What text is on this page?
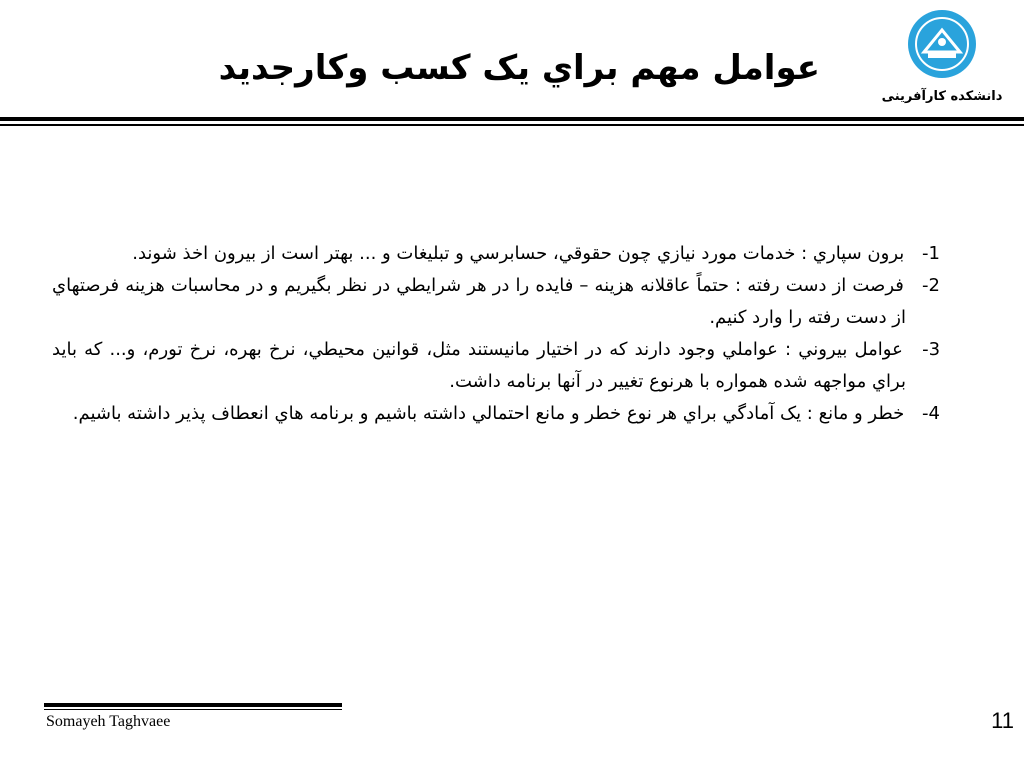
عوامل مهم براي يک کسب وکارجديد
دانشکده کارآفرینی
1- برون سپاري : خدمات مورد نيازي چون حقوقي، حسابرسي و تبليغات و ... بهتر است از بيرون اخذ شوند.
2- فرصت از دست رفته : حتماً عاقلانه هزينه – فايده را در هر شرايطي در نظر بگيريم و در محاسبات هزينه فرصتهاي از دست رفته را وارد کنيم.
3- عوامل بيروني : عواملي وجود دارند که در اختيار مانيستند مثل، قوانين محيطي، نرخ بهره، نرخ تورم، و... که بايد براي مواجهه شده همواره با هرنوع تغيير در آنها برنامه داشت.
4- خطر و مانع : يک آمادگي براي هر نوع خطر و مانع احتمالي داشته باشيم و برنامه هاي انعطاف پذير داشته باشيم.
Somayeh Taghvaee	11
